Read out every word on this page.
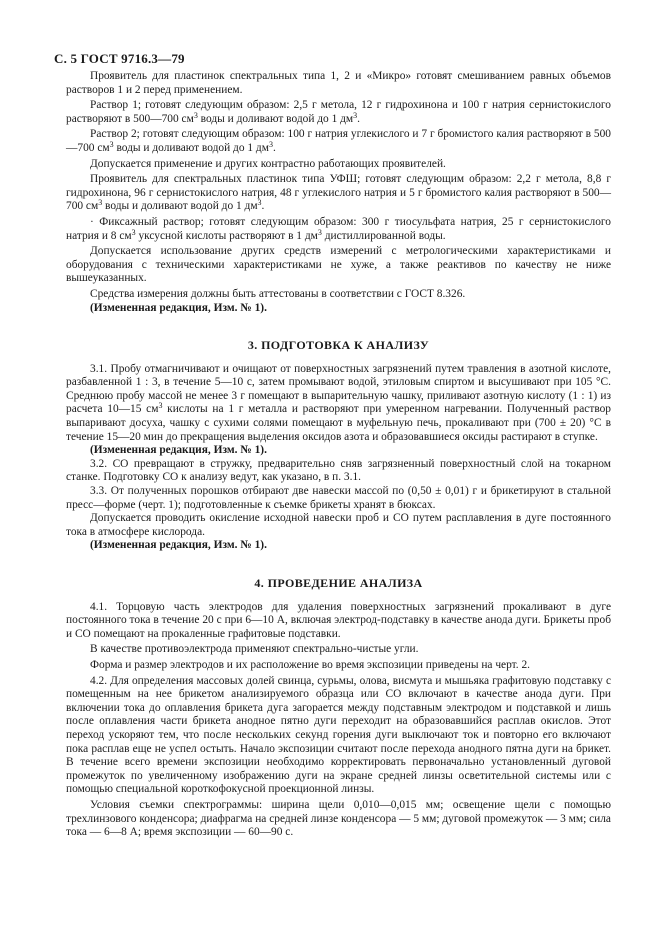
С. 5 ГОСТ 9716.3—79

Проявитель для пластинок спектральных типа 1, 2 и «Микро» готовят смешиванием равных объемов растворов 1 и 2 перед применением.

Раствор 1; готовят следующим образом: 2,5 г метола, 12 г гидрохинона и 100 г натрия сернистокислого растворяют в 500—700 $см^3$ воды и доливают водой до 1 $дм^3$.

Раствор 2; готовят следующим образом: 100 г натрия углекислого и 7 г бромистого калия растворяют в 500—700 $см^3$ воды и доливают водой до 1 $дм^3$.

Допускается применение и других контрастно работающих проявителей.

Проявитель для спектральных пластинок типа УФШ; готовят следующим образом: 2,2 г метола, 8,8 г гидрохинона, 96 г сернистокислого натрия, 48 г углекислого натрия и 5 г бромистого калия растворяют в 500—700 $см^3$ воды и доливают водой до 1 $дм^3$.

· Фиксажный раствор; готовят следующим образом: 300 г тиосульфата натрия, 25 г сернистокислого натрия и 8 $см^3$ уксусной кислоты растворяют в 1 $дм^3$ дистиллированной воды.

Допускается использование других средств измерений с метрологическими характеристиками и оборудования с техническими характеристиками не хуже, а также реактивов по качеству не ниже вышеуказанных.

Средства измерения должны быть аттестованы в соответствии с ГОСТ 8.326.

(Измененная редакция, Изм. № 1).

3. ПОДГОТОВКА К АНАЛИЗУ

3.1. Пробу отмагничивают и очищают от поверхностных загрязнений путем травления в азотной кислоте, разбавленной 1 : 3, в течение 5—10 с, затем промывают водой, этиловым спиртом и высушивают при 105 °С. Среднюю пробу массой не менее 3 г помещают в выпарительную чашку, приливают азотную кислоту (1 : 1) из расчета 10—15 $см^3$ кислоты на 1 г металла и растворяют при умеренном нагревании. Полученный раствор выпаривают досуха, чашку с сухими солями помещают в муфельную печь, прокаливают при (700 ± 20) °С в течение 15—20 мин до прекращения выделения оксидов азота и образовавшиеся оксиды растирают в ступке.

(Измененная редакция, Изм. № 1).

3.2. СО превращают в стружку, предварительно сняв загрязненный поверхностный слой на токарном станке. Подготовку СО к анализу ведут, как указано, в п. 3.1.

3.3. От полученных порошков отбирают две навески массой по (0,50 ± 0,01) г и брикетируют в стальной пресс—форме (черт. 1); подготовленные к съемке брикеты хранят в бюксах.

Допускается проводить окисление исходной навески проб и СО путем расплавления в дуге постоянного тока в атмосфере кислорода.

(Измененная редакция, Изм. № 1).

4. ПРОВЕДЕНИЕ АНАЛИЗА

4.1. Торцовую часть электродов для удаления поверхностных загрязнений прокаливают в дуге постоянного тока в течение 20 с при 6—10 А, включая электрод-подставку в качестве анода дуги. Брикеты проб и СО помещают на прокаленные графитовые подставки.

В качестве противоэлектрода применяют спектрально-чистые угли.

Форма и размер электродов и их расположение во время экспозиции приведены на черт. 2.

4.2. Для определения массовых долей свинца, сурьмы, олова, висмута и мышьяка графитовую подставку с помещенным на нее брикетом анализируемого образца или СО включают в качестве анода дуги. При включении тока до оплавления брикета дуга загорается между подставным электродом и подставкой и лишь после оплавления части брикета анодное пятно дуги переходит на образовавшийся расплав окислов. Этот переход ускоряют тем, что после нескольких секунд горения дуги выключают ток и повторно его включают пока расплав еще не успел остыть. Начало экспозиции считают после перехода анодного пятна дуги на брикет. В течение всего времени экспозиции необходимо корректировать первоначально установленный дуговой промежуток по увеличенному изображению дуги на экране средней линзы осветительной системы или с помощью специальной короткофокусной проекционной линзы.

Условия съемки спектрограммы: ширина щели 0,010—0,015 мм; освещение щели с помощью трехлинзового конденсора; диафрагма на средней линзе конденсора — 5 мм; дуговой промежуток — 3 мм; сила тока — 6—8 А; время экспозиции — 60—90 с.
